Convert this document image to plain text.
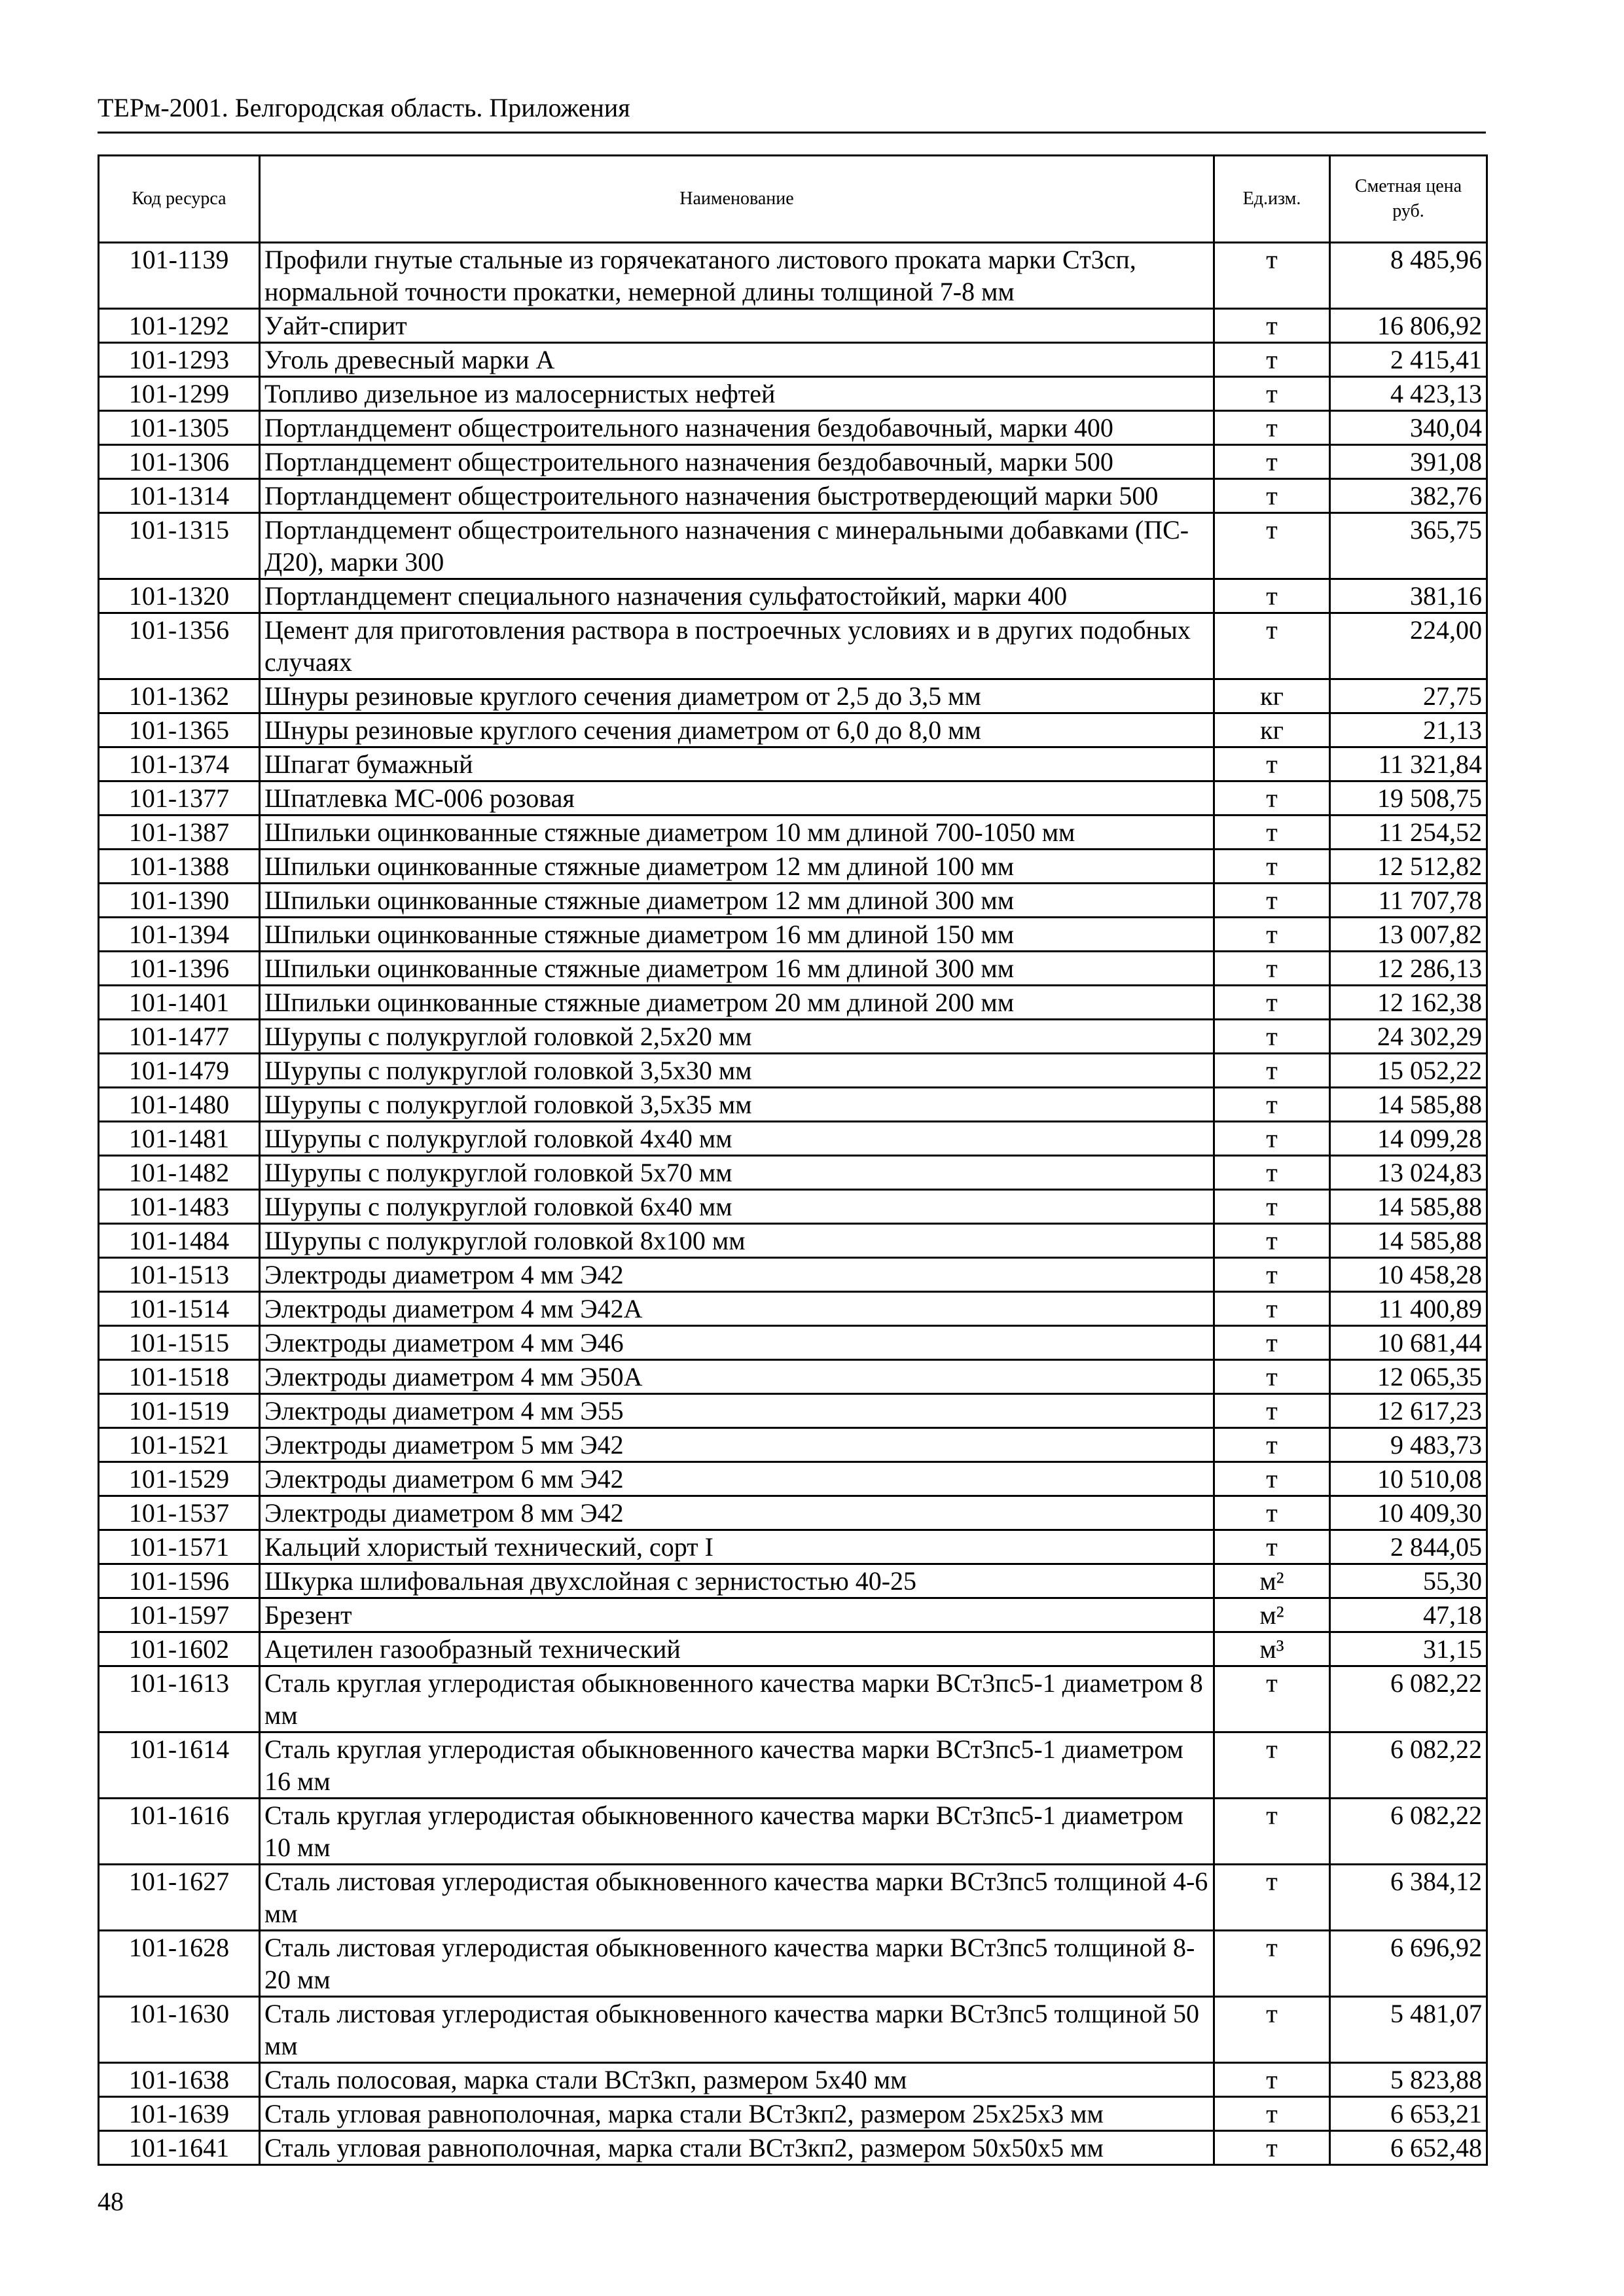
ТЕРм-2001. Белгородская область. Приложения
Код ресурса	Наименование	Ед.изм.	Сметная цена руб.
101-1139	Профили гнутые стальные из горячекатаного листового проката марки Ст3сп, нормальной точности прокатки, немерной длины толщиной 7-8 мм	т	8 485,96
101-1292	Уайт-спирит	т	16 806,92
101-1293	Уголь древесный марки А	т	2 415,41
101-1299	Топливо дизельное из малосернистых нефтей	т	4 423,13
101-1305	Портландцемент общестроительного назначения бездобавочный, марки 400	т	340,04
101-1306	Портландцемент общестроительного назначения бездобавочный, марки 500	т	391,08
101-1314	Портландцемент общестроительного назначения быстротвердеющий марки 500	т	382,76
101-1315	Портландцемент общестроительного назначения с минеральными добавками (ПС-Д20), марки 300	т	365,75
101-1320	Портландцемент специального назначения сульфатостойкий, марки 400	т	381,16
101-1356	Цемент для приготовления раствора в построечных условиях и в других подобных случаях	т	224,00
101-1362	Шнуры резиновые круглого сечения диаметром от 2,5 до 3,5 мм	кг	27,75
101-1365	Шнуры резиновые круглого сечения диаметром от 6,0 до 8,0 мм	кг	21,13
101-1374	Шпагат бумажный	т	11 321,84
101-1377	Шпатлевка МС-006 розовая	т	19 508,75
101-1387	Шпильки оцинкованные стяжные диаметром 10 мм длиной 700-1050 мм	т	11 254,52
101-1388	Шпильки оцинкованные стяжные диаметром 12 мм длиной 100 мм	т	12 512,82
101-1390	Шпильки оцинкованные стяжные диаметром 12 мм длиной 300 мм	т	11 707,78
101-1394	Шпильки оцинкованные стяжные диаметром 16 мм длиной 150 мм	т	13 007,82
101-1396	Шпильки оцинкованные стяжные диаметром 16 мм длиной 300 мм	т	12 286,13
101-1401	Шпильки оцинкованные стяжные диаметром 20 мм длиной 200 мм	т	12 162,38
101-1477	Шурупы с полукруглой головкой 2,5х20 мм	т	24 302,29
101-1479	Шурупы с полукруглой головкой 3,5х30 мм	т	15 052,22
101-1480	Шурупы с полукруглой головкой 3,5х35 мм	т	14 585,88
101-1481	Шурупы с полукруглой головкой 4х40 мм	т	14 099,28
101-1482	Шурупы с полукруглой головкой 5х70 мм	т	13 024,83
101-1483	Шурупы с полукруглой головкой 6х40 мм	т	14 585,88
101-1484	Шурупы с полукруглой головкой 8х100 мм	т	14 585,88
101-1513	Электроды диаметром 4 мм Э42	т	10 458,28
101-1514	Электроды диаметром 4 мм Э42А	т	11 400,89
101-1515	Электроды диаметром 4 мм Э46	т	10 681,44
101-1518	Электроды диаметром 4 мм Э50А	т	12 065,35
101-1519	Электроды диаметром 4 мм Э55	т	12 617,23
101-1521	Электроды диаметром 5 мм Э42	т	9 483,73
101-1529	Электроды диаметром 6 мм Э42	т	10 510,08
101-1537	Электроды диаметром 8 мм Э42	т	10 409,30
101-1571	Кальций хлористый технический, сорт I	т	2 844,05
101-1596	Шкурка шлифовальная двухслойная с зернистостью 40-25	м²	55,30
101-1597	Брезент	м²	47,18
101-1602	Ацетилен газообразный технический	м³	31,15
101-1613	Сталь круглая углеродистая обыкновенного качества марки ВСт3пс5-1 диаметром 8 мм	т	6 082,22
101-1614	Сталь круглая углеродистая обыкновенного качества марки ВСт3пс5-1 диаметром 16 мм	т	6 082,22
101-1616	Сталь круглая углеродистая обыкновенного качества марки ВСт3пс5-1 диаметром 10 мм	т	6 082,22
101-1627	Сталь листовая углеродистая обыкновенного качества марки ВСт3пс5 толщиной 4-6 мм	т	6 384,12
101-1628	Сталь листовая углеродистая обыкновенного качества марки ВСт3пс5 толщиной 8-20 мм	т	6 696,92
101-1630	Сталь листовая углеродистая обыкновенного качества марки ВСт3пс5 толщиной 50 мм	т	5 481,07
101-1638	Сталь полосовая, марка стали ВСт3кп, размером 5х40 мм	т	5 823,88
101-1639	Сталь угловая равнополочная, марка стали ВСт3кп2, размером 25х25х3 мм	т	6 653,21
101-1641	Сталь угловая равнополочная, марка стали ВСт3кп2, размером 50х50х5 мм	т	6 652,48
48
